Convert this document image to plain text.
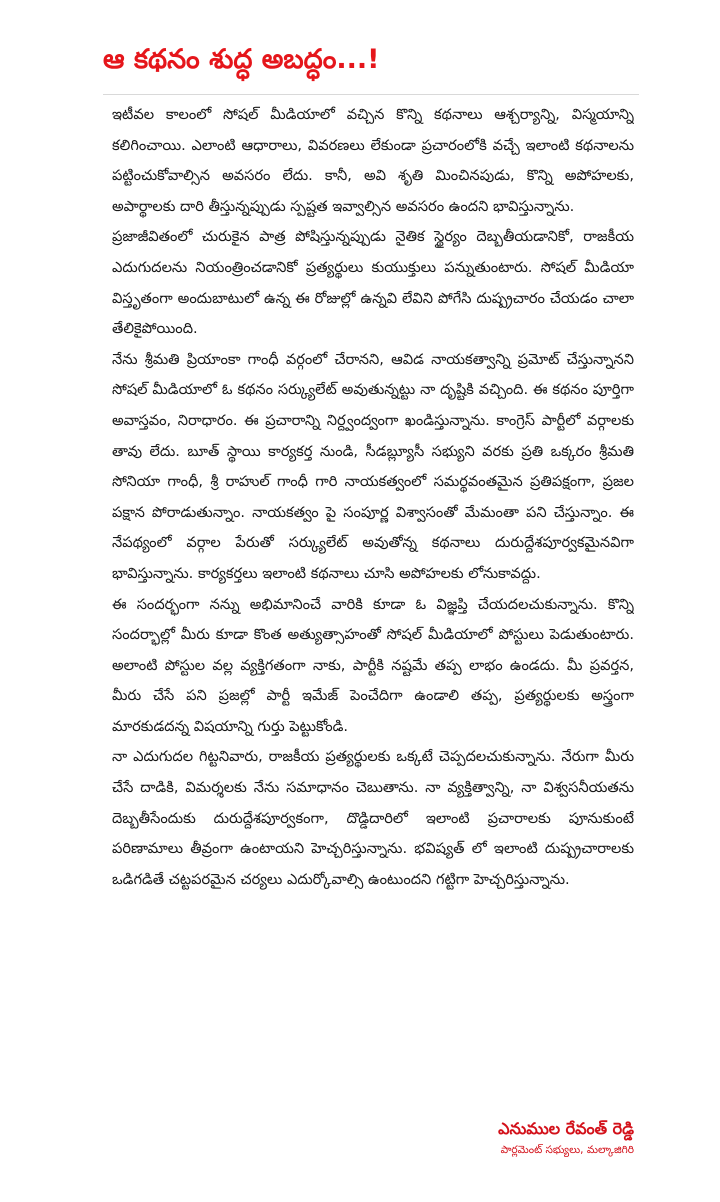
ఆ కథనం శుద్ధ అబద్ధం...!

ఇటీవల కాలంలో సోషల్ మీడియాలో వచ్చిన కొన్ని కథనాలు ఆశ్చర్యాన్ని, విస్మయాన్ని కలిగించాయి. ఎలాంటి ఆధారాలు, వివరణలు లేకుండా ప్రచారంలోకి వచ్చే ఇలాంటి కథనాలను పట్టించుకోవాల్సిన అవసరం లేదు. కానీ, అవి శృతి మించినపుడు, కొన్ని అపోహలకు, అపార్థాలకు దారి తీస్తున్నప్పుడు స్పష్టత ఇవ్వాల్సిన అవసరం ఉందని భావిస్తున్నాను.

ప్రజాజీవితంలో చురుకైన పాత్ర పోషిస్తున్నప్పుడు నైతిక స్థైర్యం దెబ్బతీయడానికో, రాజకీయ ఎదుగుదలను నియంత్రించడానికో ప్రత్యర్థులు కుయుక్తులు పన్నుతుంటారు. సోషల్ మీడియా విస్తృతంగా అందుబాటులో ఉన్న ఈ రోజుల్లో ఉన్నవి లేవిని పోగేసి దుష్ప్రచారం చేయడం చాలా తేలికైపోయింది.

నేను శ్రీమతి ప్రియాంకా గాంధీ వర్గంలో చేరానని, ఆవిడ నాయకత్వాన్ని ప్రమోట్ చేస్తున్నానని సోషల్ మీడియాలో ఓ కథనం సర్క్యులేట్ అవుతున్నట్టు నా దృష్టికి వచ్చింది. ఈ కథనం పూర్తిగా అవాస్తవం, నిరాధారం. ఈ ప్రచారాన్ని నిర్ద్వంద్వంగా ఖండిస్తున్నాను. కాంగ్రెస్ పార్టీలో వర్గాలకు తావు లేదు. బూత్ స్థాయి కార్యకర్త నుండి, సీడబ్ల్యూసీ సభ్యుని వరకు ప్రతి ఒక్కరం శ్రీమతి సోనియా గాంధీ, శ్రీ రాహుల్ గాంధీ గారి నాయకత్వంలో సమర్థవంతమైన ప్రతిపక్షంగా, ప్రజల పక్షాన పోరాడుతున్నాం. నాయకత్వం పై సంపూర్ణ విశ్వాసంతో మేమంతా పని చేస్తున్నాం. ఈ నేపథ్యంలో వర్గాల పేరుతో సర్క్యులేట్ అవుతోన్న కథనాలు దురుద్దేశపూర్వకమైనవిగా భావిస్తున్నాను. కార్యకర్తలు ఇలాంటి కథనాలు చూసి అపోహలకు లోనుకావద్దు.

ఈ సందర్భంగా నన్ను అభిమానించే వారికి కూడా ఓ విజ్ఞప్తి చేయదలచుకున్నాను. కొన్ని సందర్భాల్లో మీరు కూడా కొంత అత్యుత్సాహంతో సోషల్ మీడియాలో పోస్టులు పెడుతుంటారు. అలాంటి పోస్టుల వల్ల వ్యక్తిగతంగా నాకు, పార్టీకి నష్టమే తప్ప లాభం ఉండదు. మీ ప్రవర్తన, మీరు చేసే పని ప్రజల్లో పార్టీ ఇమేజ్ పెంచేదిగా ఉండాలి తప్ప, ప్రత్యర్థులకు అస్త్రంగా మారకుడదన్న విషయాన్ని గుర్తు పెట్టుకోండి.

నా ఎదుగుదల గిట్టనివారు, రాజకీయ ప్రత్యర్థులకు ఒక్కటే చెప్పదలచుకున్నాను. నేరుగా మీరు చేసే దాడికి, విమర్శలకు నేను సమాధానం చెబుతాను. నా వ్యక్తిత్వాన్ని, నా విశ్వసనీయతను దెబ్బతీసేందుకు దురుద్దేశపూర్వకంగా, దొడ్డిదారిలో ఇలాంటి ప్రచారాలకు పూనుకుంటే పరిణామాలు తీవ్రంగా ఉంటాయని హెచ్చరిస్తున్నాను. భవిష్యత్ లో ఇలాంటి దుష్ప్రచారాలకు ఒడిగడితే చట్టపరమైన చర్యలు ఎదుర్కోవాల్సి ఉంటుందని గట్టిగా హెచ్చరిస్తున్నాను.

ఎనుముల రేవంత్ రెడ్డి
పార్లమెంట్ సభ్యులు, మల్కాజిగిరి
